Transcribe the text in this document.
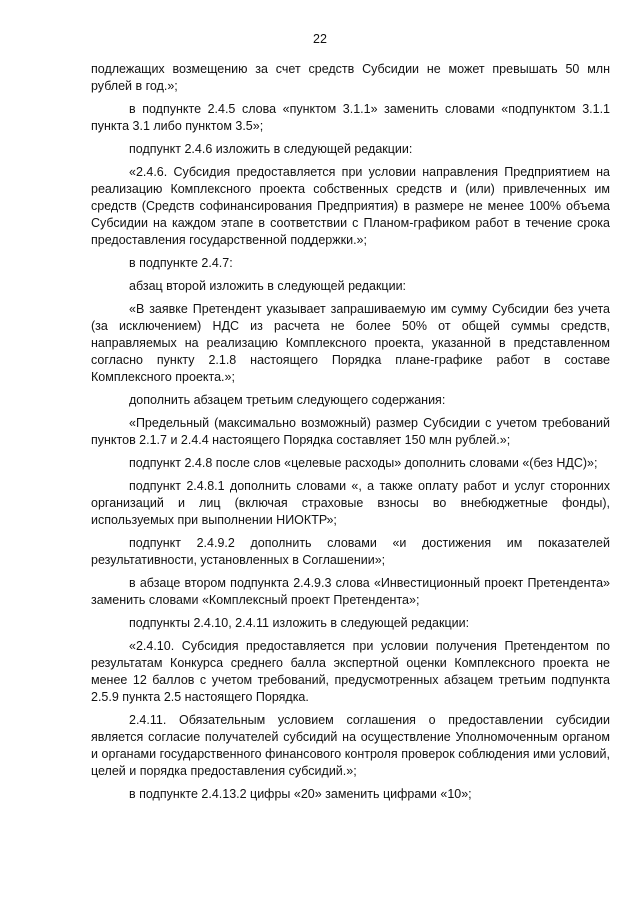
22

подлежащих возмещению за счет средств Субсидии не может превышать 50 млн рублей в год.»;

в подпункте 2.4.5 слова «пунктом 3.1.1» заменить словами «подпунктом 3.1.1 пункта 3.1 либо пунктом 3.5»;

подпункт 2.4.6 изложить в следующей редакции:

«2.4.6. Субсидия предоставляется при условии направления Предприятием на реализацию Комплексного проекта собственных средств и (или) привлеченных им средств (Средств софинансирования Предприятия) в размере не менее 100% объема Субсидии на каждом этапе в соответствии с Планом-графиком работ в течение срока предоставления государственной поддержки.»;

в подпункте 2.4.7:

абзац второй изложить в следующей редакции:

«В заявке Претендент указывает запрашиваемую им сумму Субсидии без учета (за исключением) НДС из расчета не более 50% от общей суммы средств, направляемых на реализацию Комплексного проекта, указанной в представленном согласно пункту 2.1.8 настоящего Порядка плане-графике работ в составе Комплексного проекта.»;

дополнить абзацем третьим следующего содержания:

«Предельный (максимально возможный) размер Субсидии с учетом требований пунктов 2.1.7 и 2.4.4 настоящего Порядка составляет 150 млн рублей.»;

подпункт 2.4.8 после слов «целевые расходы» дополнить словами «(без НДС)»;

подпункт 2.4.8.1 дополнить словами «, а также оплату работ и услуг сторонних организаций и лиц (включая страховые взносы во внебюджетные фонды), используемых при выполнении НИОКТР»;

подпункт 2.4.9.2 дополнить словами «и достижения им показателей результативности, установленных в Соглашении»;

в абзаце втором подпункта 2.4.9.3 слова «Инвестиционный проект Претендента» заменить словами «Комплексный проект Претендента»;

подпункты 2.4.10, 2.4.11 изложить в следующей редакции:

«2.4.10. Субсидия предоставляется при условии получения Претендентом по результатам Конкурса среднего балла экспертной оценки Комплексного проекта не менее 12 баллов с учетом требований, предусмотренных абзацем третьим подпункта 2.5.9 пункта 2.5 настоящего Порядка.

2.4.11. Обязательным условием соглашения о предоставлении субсидии является согласие получателей субсидий на осуществление Уполномоченным органом и органами государственного финансового контроля проверок соблюдения ими условий, целей и порядка предоставления субсидий.»;

в подпункте 2.4.13.2 цифры «20» заменить цифрами «10»;
